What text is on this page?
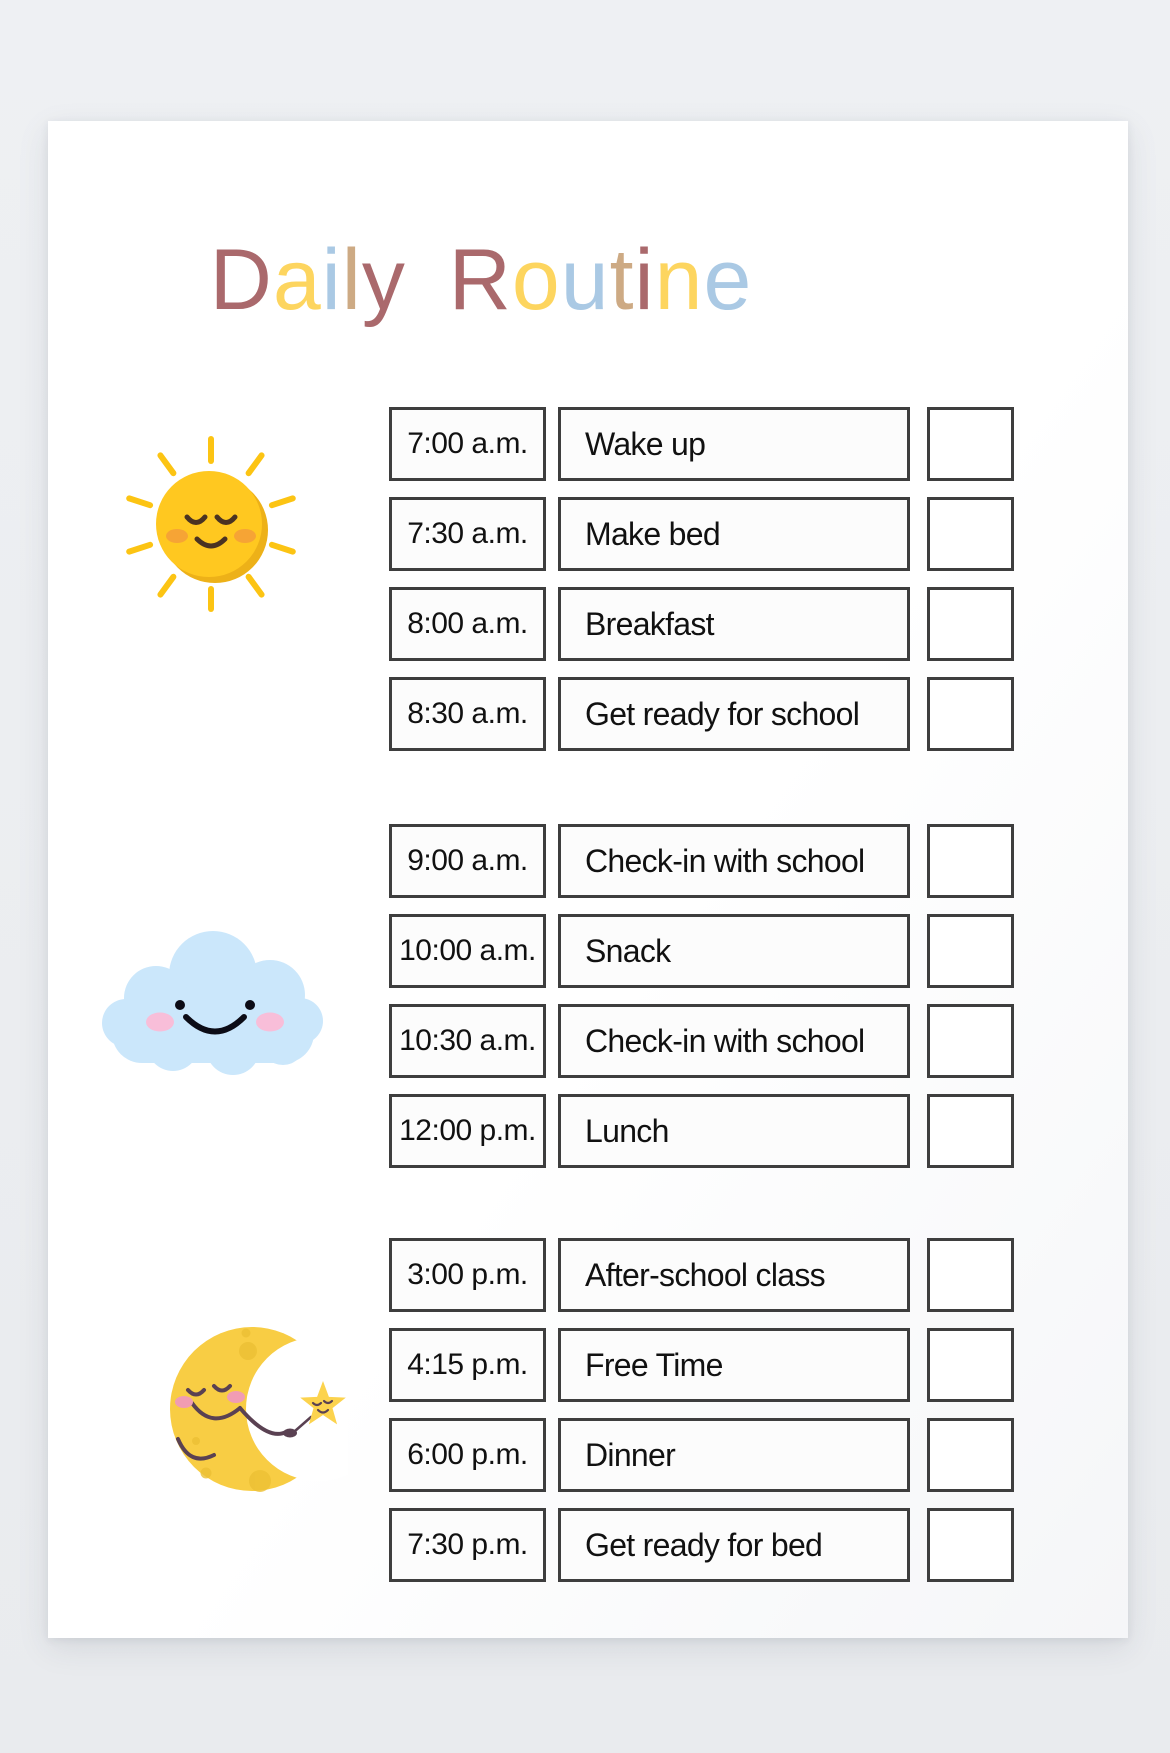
Daily Routine
7:00 a.m.	Wake up
7:30 a.m.	Make bed
8:00 a.m.	Breakfast
8:30 a.m.	Get ready for school
9:00 a.m.	Check-in with school
10:00 a.m.	Snack
10:30 a.m.	Check-in with school
12:00 p.m.	Lunch
3:00 p.m.	After-school class
4:15 p.m.	Free Time
6:00 p.m.	Dinner
7:30 p.m.	Get ready for bed
